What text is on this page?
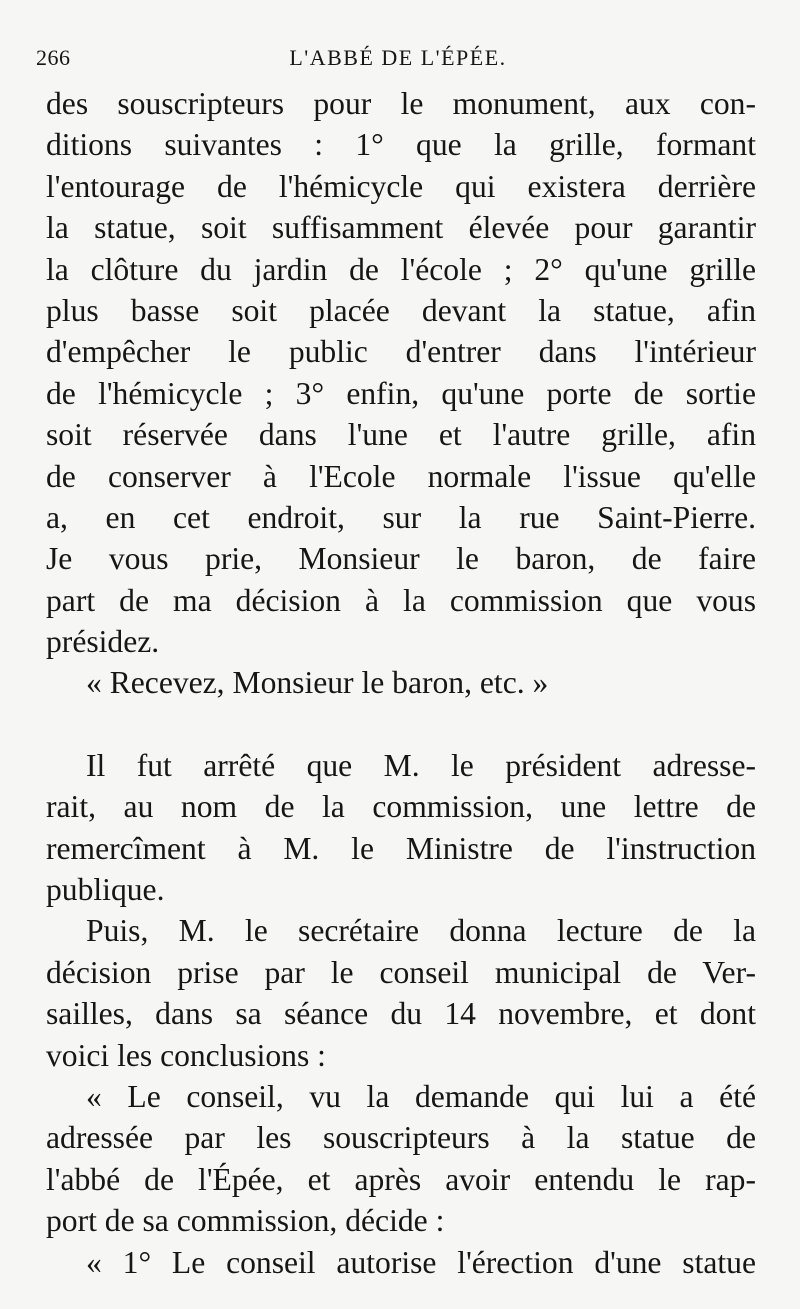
266	L'ABBÉ DE L'ÉPÉE.
des souscripteurs pour le monument, aux con-
ditions suivantes : 1° que la grille, formant
l'entourage de l'hémicycle qui existera derrière
la statue, soit suffisamment élevée pour garantir
la clôture du jardin de l'école ; 2° qu'une grille
plus basse soit placée devant la statue, afin
d'empêcher le public d'entrer dans l'intérieur
de l'hémicycle ; 3° enfin, qu'une porte de sortie
soit réservée dans l'une et l'autre grille, afin
de conserver à l'Ecole normale l'issue qu'elle
a, en cet endroit, sur la rue Saint-Pierre.
Je vous prie, Monsieur le baron, de faire
part de ma décision à la commission que vous
présidez.
« Recevez, Monsieur le baron, etc. »
Il fut arrêté que M. le président adresse-
rait, au nom de la commission, une lettre de
remercîment à M. le Ministre de l'instruction
publique.
Puis, M. le secrétaire donna lecture de la
décision prise par le conseil municipal de Ver-
sailles, dans sa séance du 14 novembre, et dont
voici les conclusions :
« Le conseil, vu la demande qui lui a été
adressée par les souscripteurs à la statue de
l'abbé de l'Épée, et après avoir entendu le rap-
port de sa commission, décide :
« 1° Le conseil autorise l'érection d'une statue
